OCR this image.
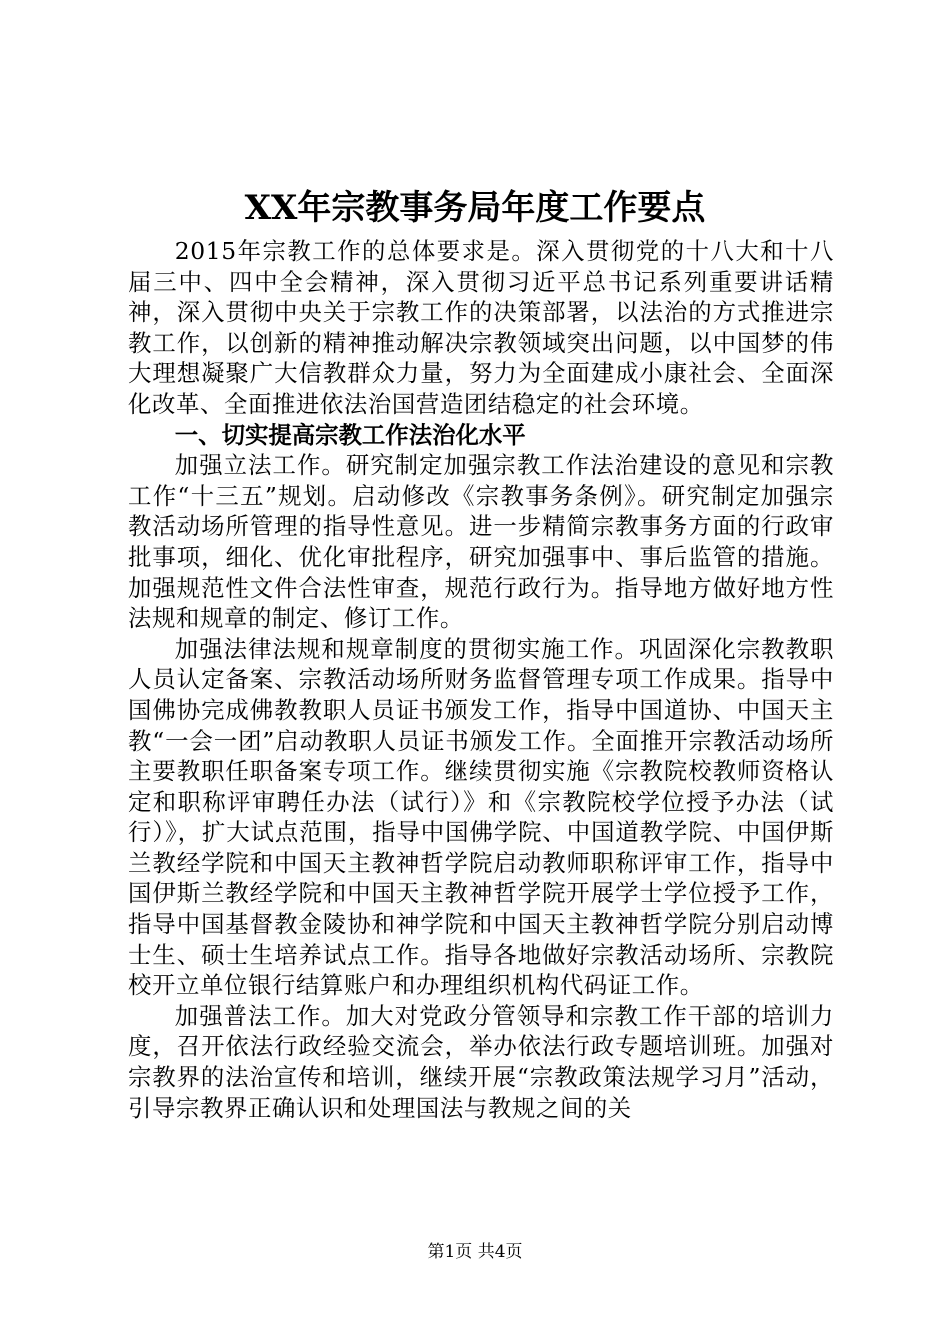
XX年宗教事务局年度工作要点

2015年宗教工作的总体要求是。深入贯彻党的十八大和十八届三中、四中全会精神，深入贯彻习近平总书记系列重要讲话精神，深入贯彻中央关于宗教工作的决策部署，以法治的方式推进宗教工作，以创新的精神推动解决宗教领域突出问题，以中国梦的伟大理想凝聚广大信教群众力量，努力为全面建成小康社会、全面深化改革、全面推进依法治国营造团结稳定的社会环境。

一、切实提高宗教工作法治化水平

加强立法工作。研究制定加强宗教工作法治建设的意见和宗教工作“十三五”规划。启动修改《宗教事务条例》。研究制定加强宗教活动场所管理的指导性意见。进一步精简宗教事务方面的行政审批事项，细化、优化审批程序，研究加强事中、事后监管的措施。加强规范性文件合法性审查，规范行政行为。指导地方做好地方性法规和规章的制定、修订工作。

加强法律法规和规章制度的贯彻实施工作。巩固深化宗教教职人员认定备案、宗教活动场所财务监督管理专项工作成果。指导中国佛协完成佛教教职人员证书颁发工作，指导中国道协、中国天主教“一会一团”启动教职人员证书颁发工作。全面推开宗教活动场所主要教职任职备案专项工作。继续贯彻实施《宗教院校教师资格认定和职称评审聘任办法（试行）》和《宗教院校学位授予办法（试行）》，扩大试点范围，指导中国佛学院、中国道教学院、中国伊斯兰教经学院和中国天主教神哲学院启动教师职称评审工作，指导中国伊斯兰教经学院和中国天主教神哲学院开展学士学位授予工作，指导中国基督教金陵协和神学院和中国天主教神哲学院分别启动博士生、硕士生培养试点工作。指导各地做好宗教活动场所、宗教院校开立单位银行结算账户和办理组织机构代码证工作。

加强普法工作。加大对党政分管领导和宗教工作干部的培训力度，召开依法行政经验交流会，举办依法行政专题培训班。加强对宗教界的法治宣传和培训，继续开展“宗教政策法规学习月”活动，引导宗教界正确认识和处理国法与教规之间的关

第1页 共4页
